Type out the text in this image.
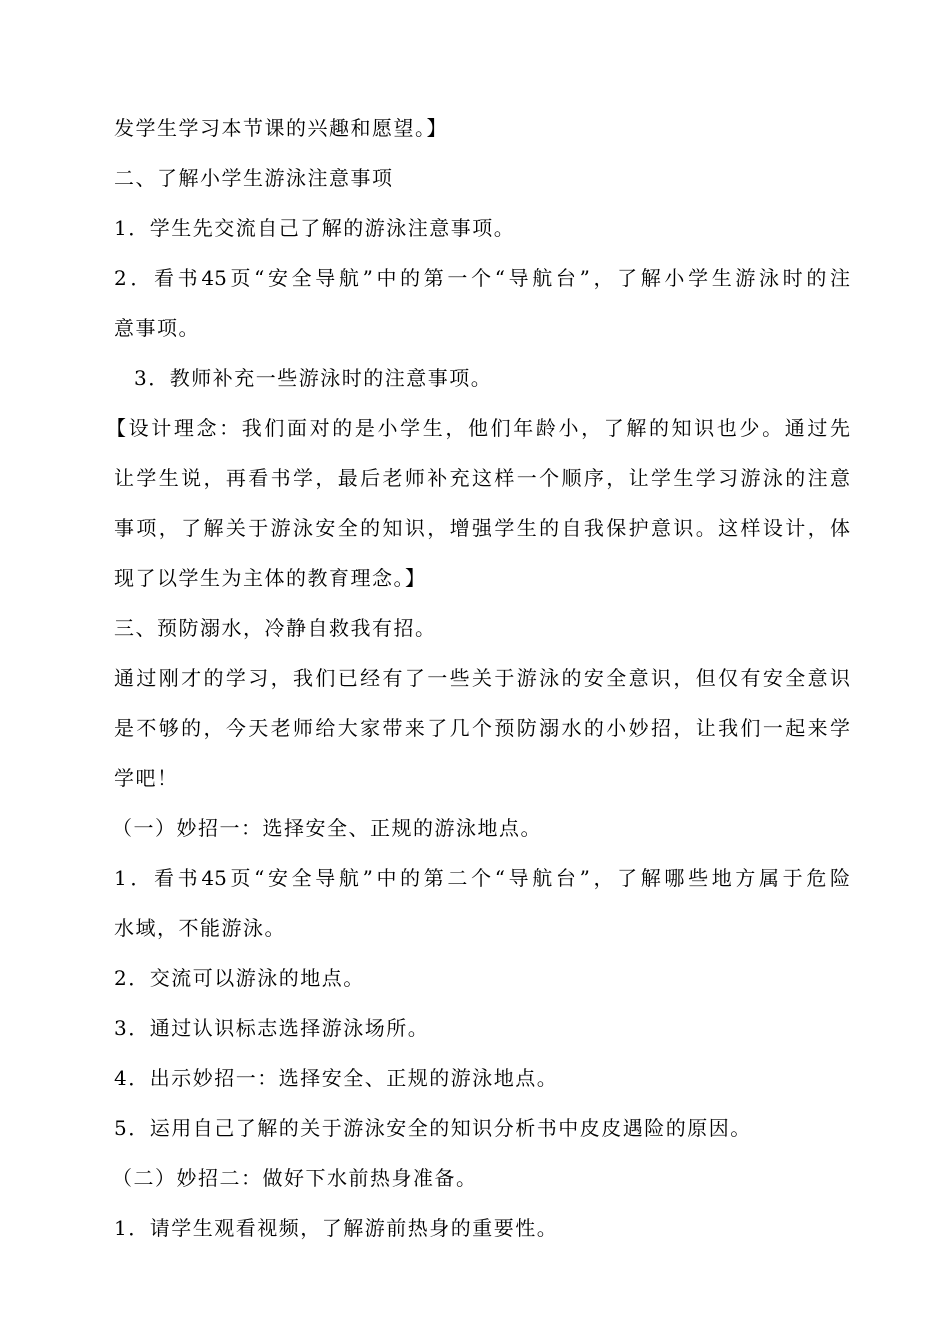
发学生学习本节课的兴趣和愿望。】
二、了解小学生游泳注意事项
1．学生先交流自己了解的游泳注意事项。
2．看书45页“安全导航”中的第一个“导航台”，了解小学生游泳时的注
意事项。
3．教师补充一些游泳时的注意事项。
【设计理念：我们面对的是小学生，他们年龄小，了解的知识也少。通过先
让学生说，再看书学，最后老师补充这样一个顺序，让学生学习游泳的注意
事项，了解关于游泳安全的知识，增强学生的自我保护意识。这样设计，体
现了以学生为主体的教育理念。】
三、预防溺水，冷静自救我有招。
通过刚才的学习，我们已经有了一些关于游泳的安全意识，但仅有安全意识
是不够的，今天老师给大家带来了几个预防溺水的小妙招，让我们一起来学
学吧！
（一）妙招一：选择安全、正规的游泳地点。
1．看书45页“安全导航”中的第二个“导航台”，了解哪些地方属于危险
水域，不能游泳。
2．交流可以游泳的地点。
3．通过认识标志选择游泳场所。
4．出示妙招一：选择安全、正规的游泳地点。
5．运用自己了解的关于游泳安全的知识分析书中皮皮遇险的原因。
（二）妙招二：做好下水前热身准备。
1．请学生观看视频，了解游前热身的重要性。
